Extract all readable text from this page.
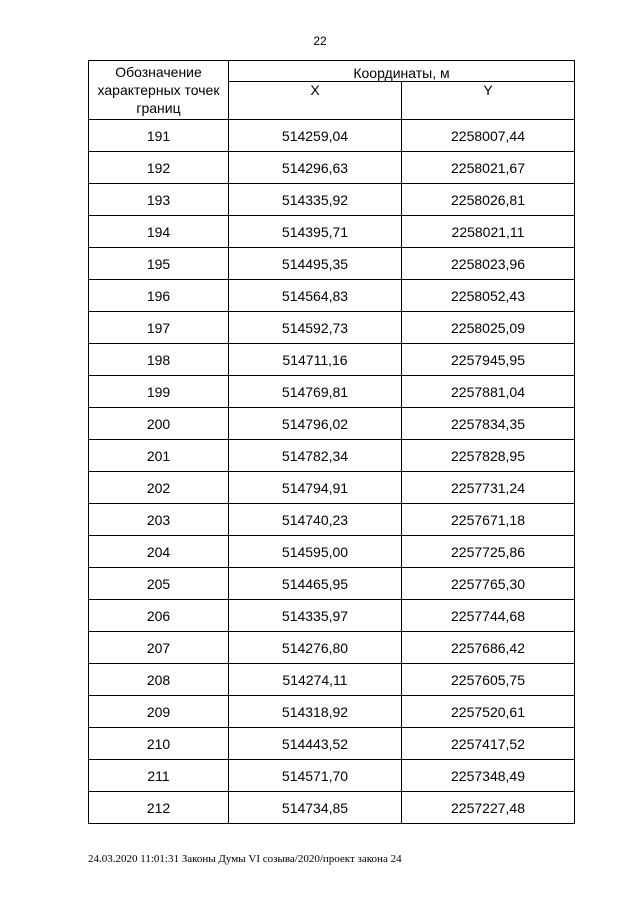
22
Обозначение характерных точек границ	Координаты, м	
	X	Y
191	514259,04	2258007,44
192	514296,63	2258021,67
193	514335,92	2258026,81
194	514395,71	2258021,11
195	514495,35	2258023,96
196	514564,83	2258052,43
197	514592,73	2258025,09
198	514711,16	2257945,95
199	514769,81	2257881,04
200	514796,02	2257834,35
201	514782,34	2257828,95
202	514794,91	2257731,24
203	514740,23	2257671,18
204	514595,00	2257725,86
205	514465,95	2257765,30
206	514335,97	2257744,68
207	514276,80	2257686,42
208	514274,11	2257605,75
209	514318,92	2257520,61
210	514443,52	2257417,52
211	514571,70	2257348,49
212	514734,85	2257227,48
24.03.2020 11:01:31 Законы Думы VI созыва/2020/проект закона 24
